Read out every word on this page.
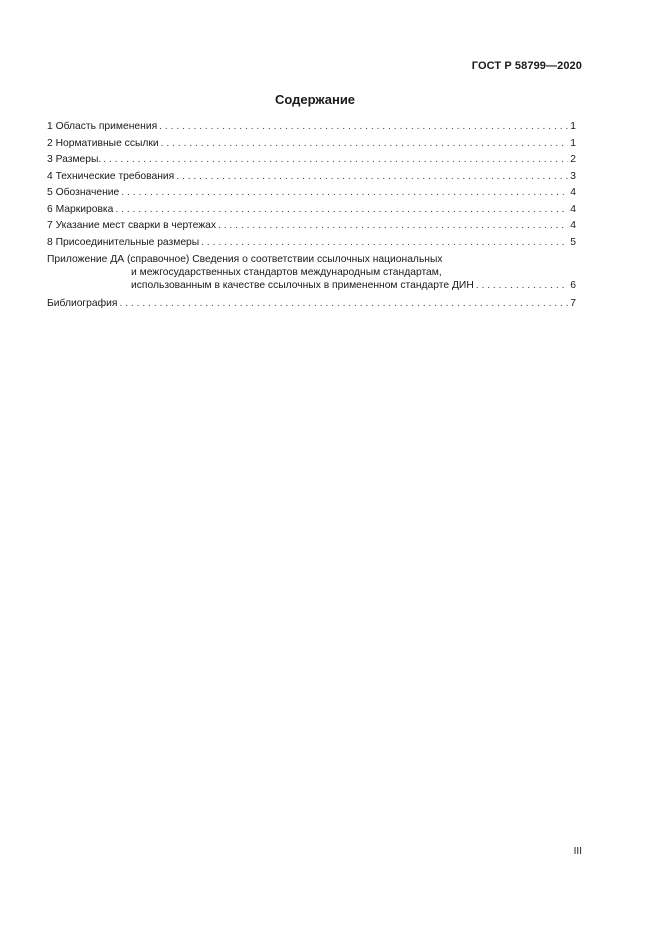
ГОСТ Р 58799—2020
Содержание
1 Область применения . . .	1
2 Нормативные ссылки . . .	1
3 Размеры. . . .	2
4 Технические требования . . .	3
5 Обозначение . . .	4
6 Маркировка . . .	4
7 Указание мест сварки в чертежах . . .	4
8 Присоединительные размеры . . .	5
Приложение ДА (справочное) Сведения о соответствии ссылочных национальных
и межгосударственных стандартов международным стандартам,
использованным в качестве ссылочных в примененном стандарте ДИН . . .	6
Библиография . . .	7
III
